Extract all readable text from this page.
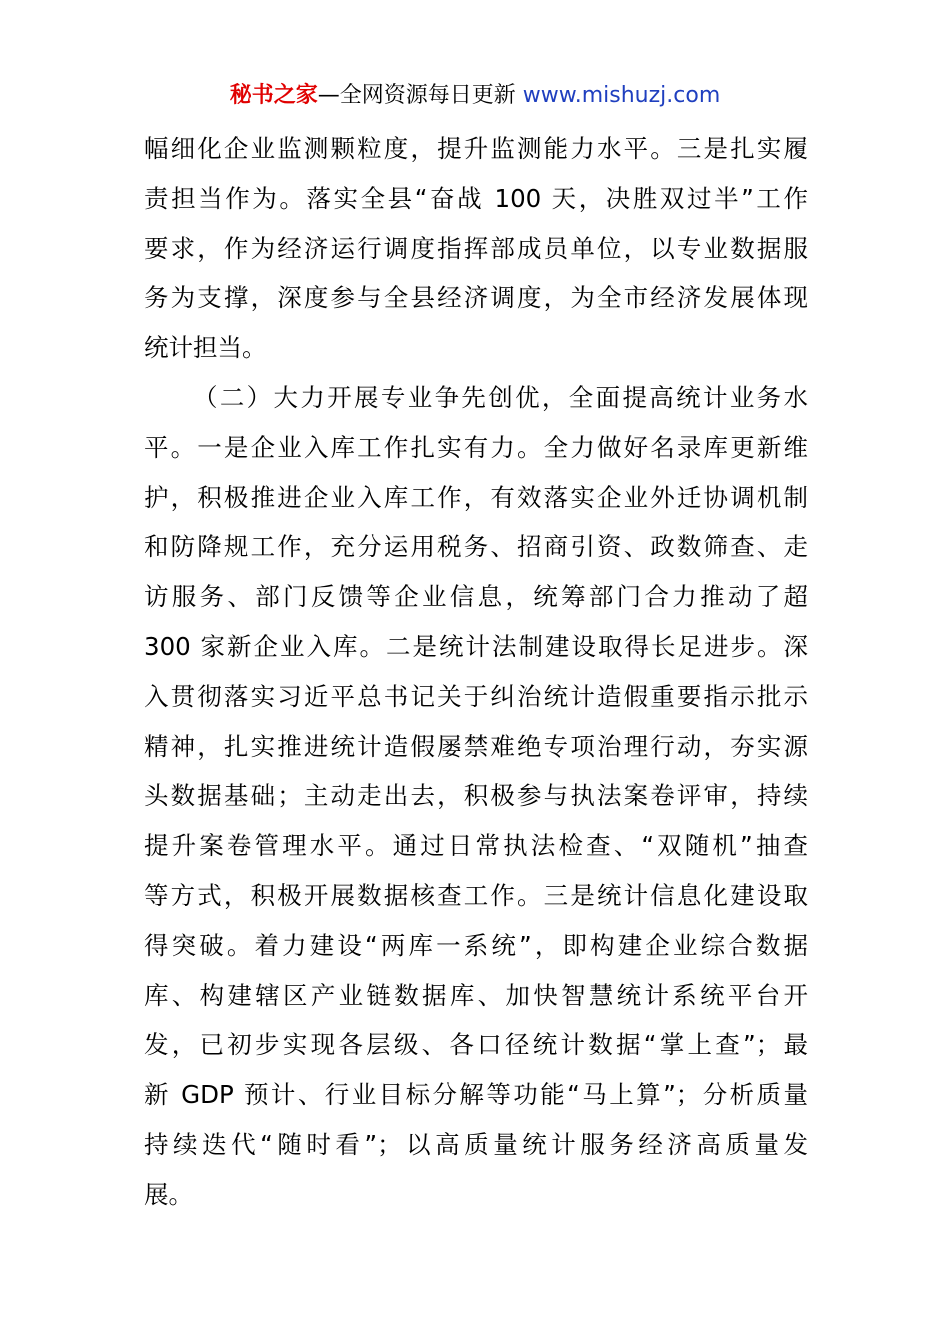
秘书之家—全网资源每日更新 www.mishuzj.com
幅细化企业监测颗粒度，提升监测能力水平。三是扎实履
责担当作为。落实全县“奋战 100 天，决胜双过半”工作
要求，作为经济运行调度指挥部成员单位，以专业数据服
务为支撑，深度参与全县经济调度，为全市经济发展体现
统计担当。
（二）大力开展专业争先创优，全面提高统计业务水
平。一是企业入库工作扎实有力。全力做好名录库更新维
护，积极推进企业入库工作，有效落实企业外迁协调机制
和防降规工作，充分运用税务、招商引资、政数筛查、走
访服务、部门反馈等企业信息，统筹部门合力推动了超
300 家新企业入库。二是统计法制建设取得长足进步。深
入贯彻落实习近平总书记关于纠治统计造假重要指示批示
精神，扎实推进统计造假屡禁难绝专项治理行动，夯实源
头数据基础；主动走出去，积极参与执法案卷评审，持续
提升案卷管理水平。通过日常执法检查、“双随机”抽查
等方式，积极开展数据核查工作。三是统计信息化建设取
得突破。着力建设“两库一系统”，即构建企业综合数据
库、构建辖区产业链数据库、加快智慧统计系统平台开
发，已初步实现各层级、各口径统计数据“掌上查”；最
新 GDP 预计、行业目标分解等功能“马上算”；分析质量
持续迭代“随时看”；以高质量统计服务经济高质量发
展。
